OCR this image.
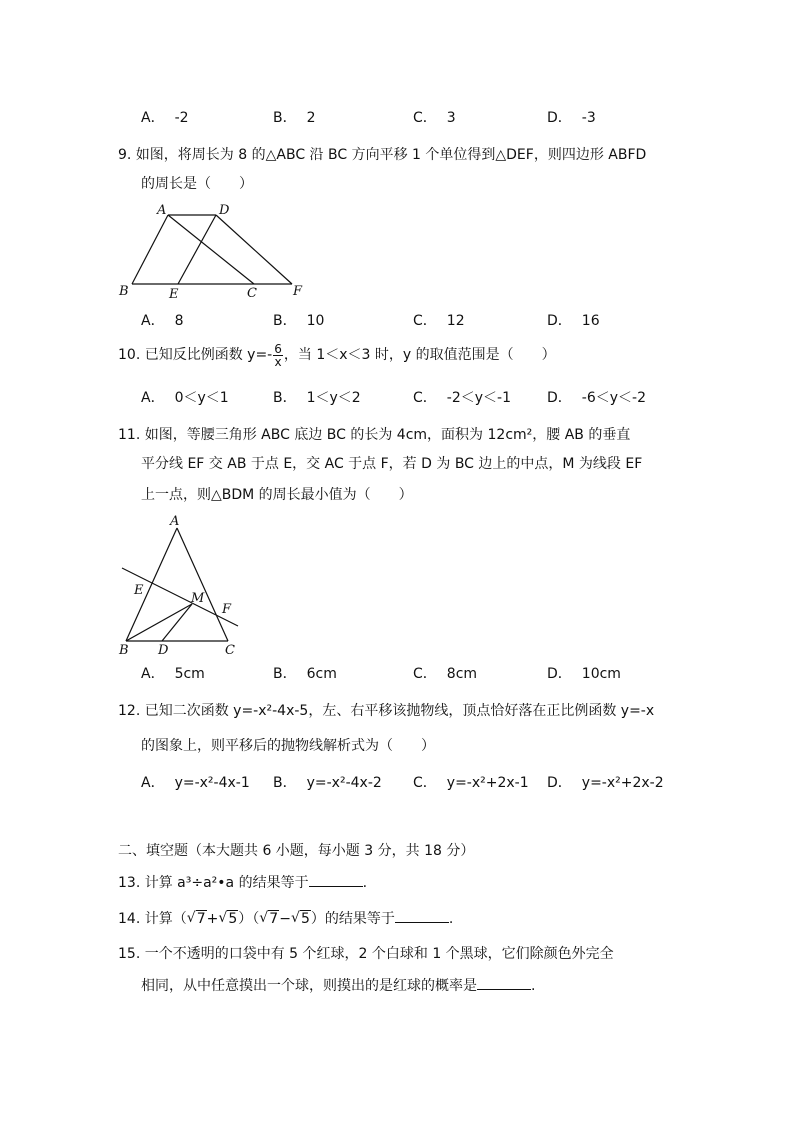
A． -2	B． 2	C． 3	D． -3
9. 如图，将周长为 8 的△ABC 沿 BC 方向平移 1 个单位得到△DEF，则四边形 ABFD
的周长是（　　）
A	D
B	E	C	F
A． 8	B． 10	C． 12	D． 16
10. 已知反比例函数 $y=- \frac{6}{x}$ ，当 1＜x＜3 时，y 的取值范围是（　　）
A． 0＜y＜1	B． 1＜y＜2	C． -2＜y＜-1	D． -6＜y＜-2
11. 如图，等腰三角形 ABC 底边 BC 的长为 4cm，面积为 12cm²，腰 AB 的垂直
平分线 EF 交 AB 于点 E，交 AC 于点 F，若 D 为 BC 边上的中点，M 为线段 EF
上一点，则△BDM 的周长最小值为（　　）
A
E
M
F
B D	C
A． 5cm	B． 6cm	C． 8cm	D． 10cm
12. 已知二次函数 y=-x²-4x-5，左、右平移该抛物线，顶点恰好落在正比例函数 y=-x
的图象上，则平移后的抛物线解析式为（　　）
A． y=-x²-4x-1 B． y=-x²-4x-2 C． y=-x²+2x-1 D． y=-x²+2x-2
二、填空题（本大题共 6 小题，每小题 3 分，共 18 分）
13. 计算 a³÷a²•a 的结果等于	.
14. 计算（ √ 7+ √ 5）（ √ 7− √ 5）的结果等于	.
15. 一个不透明的口袋中有 5 个红球，2 个白球和 1 个黑球，它们除颜色外完全
相同，从中任意摸出一个球，则摸出的是红球的概率是	.
